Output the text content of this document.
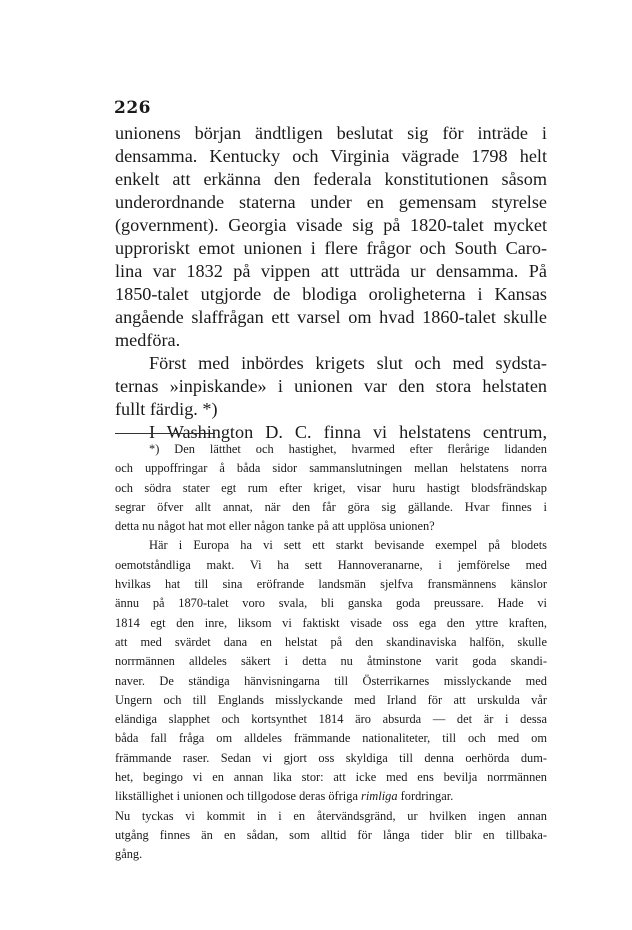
226
unionens början ändtligen beslutat sig för inträde i
densamma. Kentucky och Virginia vägrade 1798 helt
enkelt att erkänna den federala konstitutionen såsom
underordnande staterna under en gemensam styrelse
(government). Georgia visade sig på 1820-talet mycket
upproriskt emot unionen i flere frågor och South Caro-
lina var 1832 på vippen att utträda ur densamma. På
1850-talet utgjorde de blodiga oroligheterna i Kansas
angående slaffrågan ett varsel om hvad 1860-talet skulle
medföra.
Först med inbördes krigets slut och med sydsta-
ternas »inpiskande» i unionen var den stora helstaten
fullt färdig. *)
I Washington D. C. finna vi helstatens centrum,
*) Den lätthet och hastighet, hvarmed efter flerårige lidanden
och uppoffringar å båda sidor sammanslutningen mellan helstatens norra
och södra stater egt rum efter kriget, visar huru hastigt blodsfrändskap
segrar öfver allt annat, när den får göra sig gällande. Hvar finnes i
detta nu något hat mot eller någon tanke på att upplösa unionen?
Här i Europa ha vi sett ett starkt bevisande exempel på blodets
oemotståndliga makt. Vi ha sett Hannoveranarne, i jemförelse med
hvilkas hat till sina eröfrande landsmän sjelfva fransmännens känslor
ännu på 1870-talet voro svala, bli ganska goda preussare. Hade vi
1814 egt den inre, liksom vi faktiskt visade oss ega den yttre kraften,
att med svärdet dana en helstat på den skandinaviska halfön, skulle
norrmännen alldeles säkert i detta nu åtminstone varit goda skandi-
naver. De ständiga hänvisningarna till Österrikarnes misslyckande med
Ungern och till Englands misslyckande med Irland för att urskulda vår
eländiga slapphet och kortsynthet 1814 äro absurda — det är i dessa
båda fall fråga om alldeles främmande nationaliteter, till och med om
främmande raser. Sedan vi gjort oss skyldiga till denna oerhörda dum-
het, begingo vi en annan lika stor: att icke med ens bevilja norrmännen
likställighet i unionen och tillgodose deras öfriga rimliga fordringar.
Nu tyckas vi kommit in i en återvändsgränd, ur hvilken ingen annan
utgång finnes än en sådan, som alltid för långa tider blir en tillbaka-
gång.
